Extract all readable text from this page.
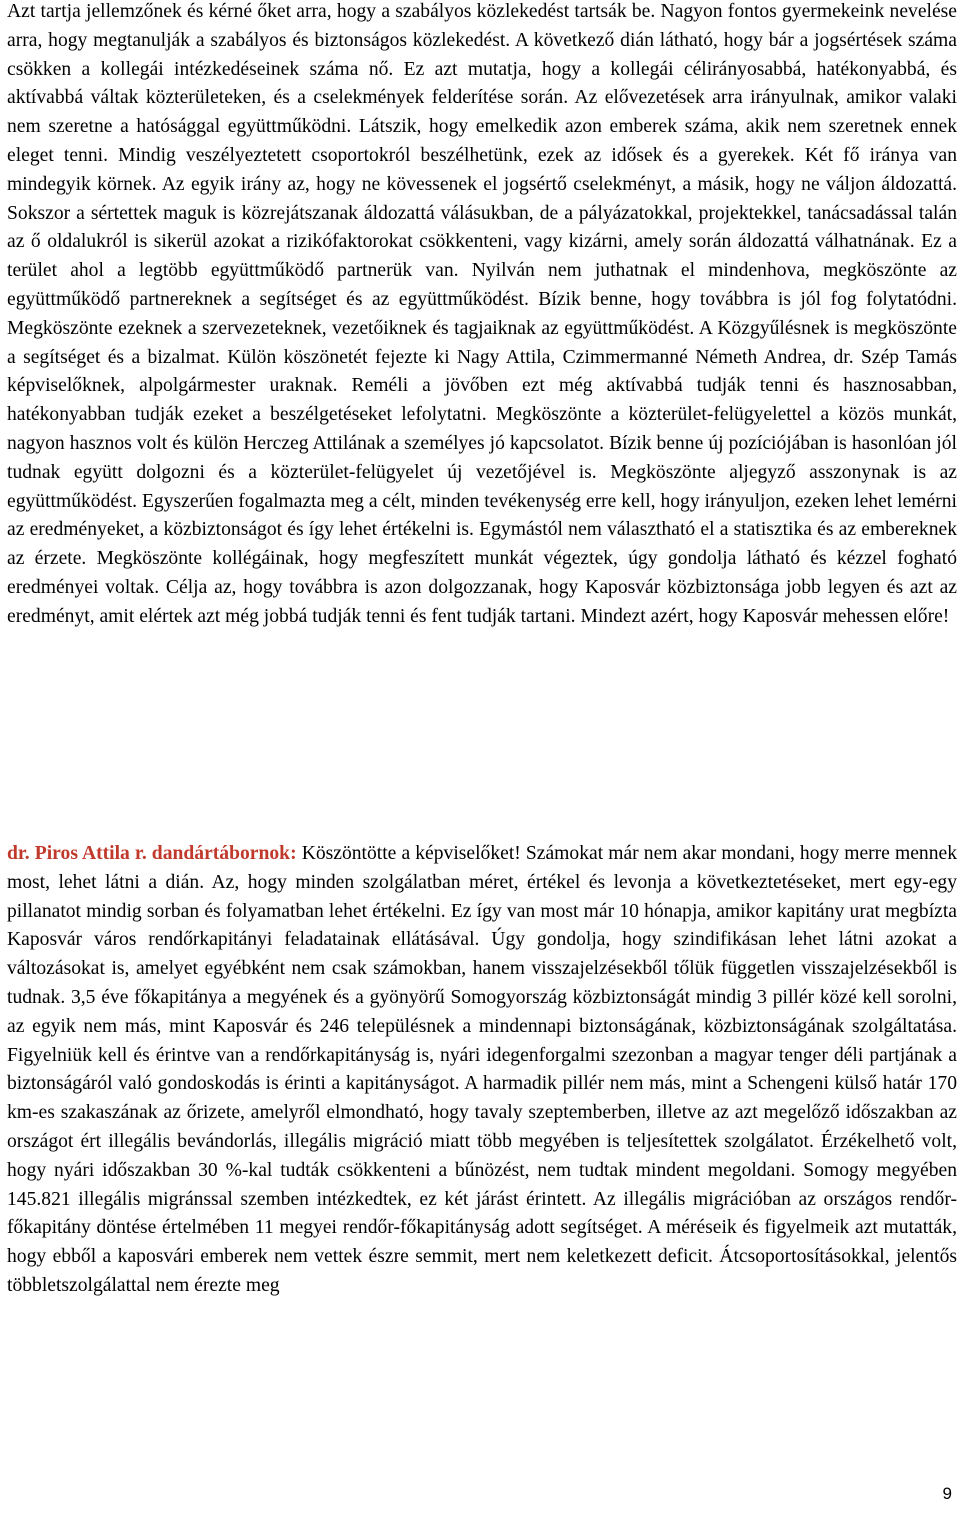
Azt tartja jellemzőnek és kérné őket arra, hogy a szabályos közlekedést tartsák be. Nagyon fontos gyermekeink nevelése arra, hogy megtanulják a szabályos és biztonságos közlekedést. A következő dián látható, hogy bár a jogsértések száma csökken a kollegái intézkedéseinek száma nő. Ez azt mutatja, hogy a kollegái célirányosabbá, hatékonyabbá, és aktívabbá váltak közterületeken, és a cselekmények felderítése során. Az elővezetések arra irányulnak, amikor valaki nem szeretne a hatósággal együttműködni. Látszik, hogy emelkedik azon emberek száma, akik nem szeretnek ennek eleget tenni. Mindig veszélyeztetett csoportokról beszélhetünk, ezek az idősek és a gyerekek. Két fő iránya van mindegyik körnek. Az egyik irány az, hogy ne kövessenek el jogsértő cselekményt, a másik, hogy ne váljon áldozattá. Sokszor a sértettek maguk is közrejátszanak áldozattá válásukban, de a pályázatokkal, projektekkel, tanácsadással talán az ő oldalukról is sikerül azokat a rizikófaktorokat csökkenteni, vagy kizárni, amely során áldozattá válhatnának. Ez a terület ahol a legtöbb együttműködő partnerük van. Nyilván nem juthatnak el mindenhova, megköszönte az együttműködő partnereknek a segítséget és az együttműködést. Bízik benne, hogy továbbra is jól fog folytatódni. Megköszönte ezeknek a szervezeteknek, vezetőiknek és tagjaiknak az együttműködést. A Közgyűlésnek is megköszönte a segítséget és a bizalmat. Külön köszönetét fejezte ki Nagy Attila, Czimmermanné Németh Andrea, dr. Szép Tamás képviselőknek, alpolgármester uraknak. Reméli a jövőben ezt még aktívabbá tudják tenni és hasznosabban, hatékonyabban tudják ezeket a beszélgetéseket lefolytatni. Megköszönte a közterület-felügyelettel a közös munkát, nagyon hasznos volt és külön Herczeg Attilának a személyes jó kapcsolatot. Bízik benne új pozíciójában is hasonlóan jól tudnak együtt dolgozni és a közterület-felügyelet új vezetőjével is. Megköszönte aljegyző asszonynak is az együttműködést. Egyszerűen fogalmazta meg a célt, minden tevékenység erre kell, hogy irányuljon, ezeken lehet lemérni az eredményeket, a közbiztonságot és így lehet értékelni is. Egymástól nem választható el a statisztika és az embereknek az érzete. Megköszönte kollégáinak, hogy megfeszített munkát végeztek, úgy gondolja látható és kézzel fogható eredményei voltak. Célja az, hogy továbbra is azon dolgozzanak, hogy Kaposvár közbiztonsága jobb legyen és azt az eredményt, amit elértek azt még jobbá tudják tenni és fent tudják tartani. Mindezt azért, hogy Kaposvár mehessen előre!

dr. Piros Attila r. dandártábornok: Köszöntötte a képviselőket! Számokat már nem akar mondani, hogy merre mennek most, lehet látni a dián. Az, hogy minden szolgálatban méret, értékel és levonja a következtetéseket, mert egy-egy pillanatot mindig sorban és folyamatban lehet értékelni. Ez így van most már 10 hónapja, amikor kapitány urat megbízta Kaposvár város rendőrkapitányi feladatainak ellátásával. Úgy gondolja, hogy szindifikásan lehet látni azokat a változásokat is, amelyet egyébként nem csak számokban, hanem visszajelzésekből tőlük független visszajelzésekből is tudnak. 3,5 éve főkapitánya a megyének és a gyönyörű Somogyország közbiztonságát mindig 3 pillér közé kell sorolni, az egyik nem más, mint Kaposvár és 246 településnek a mindennapi biztonságának, közbiztonságának szolgáltatása. Figyelniük kell és érintve van a rendőrkapitányság is, nyári idegenforgalmi szezonban a magyar tenger déli partjának a biztonságáról való gondoskodás is érinti a kapitányságot. A harmadik pillér nem más, mint a Schengeni külső határ 170 km-es szakaszának az őrizete, amelyről elmondható, hogy tavaly szeptemberben, illetve az azt megelőző időszakban az országot ért illegális bevándorlás, illegális migráció miatt több megyében is teljesítettek szolgálatot. Érzékelhető volt, hogy nyári időszakban 30 %-kal tudták csökkenteni a bűnözést, nem tudtak mindent megoldani. Somogy megyében 145.821 illegális migránssal szemben intézkedtek, ez két járást érintett. Az illegális migrációban az országos rendőr-főkapitány döntése értelmében 11 megyei rendőr-főkapitányság adott segítséget. A méréseik és figyelmeik azt mutatták, hogy ebből a kaposvári emberek nem vettek észre semmit, mert nem keletkezett deficit. Átcsoportosításokkal, jelentős többletszolgálattal nem érezte meg

9
